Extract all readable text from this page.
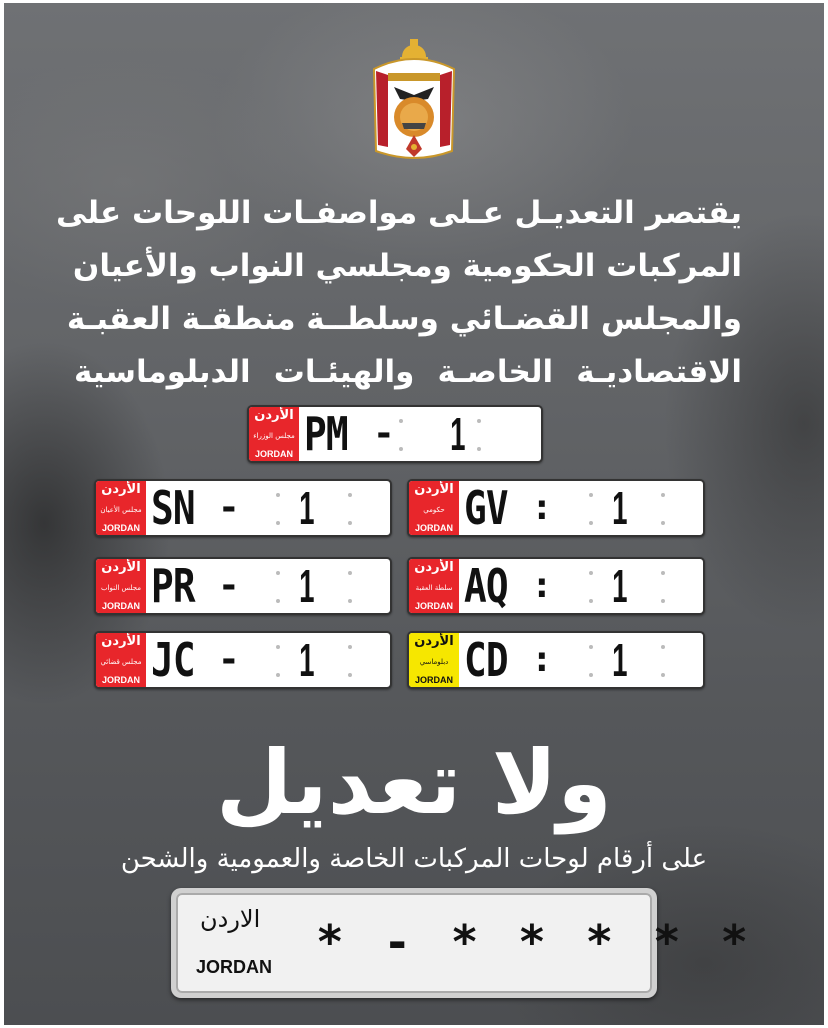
يقتصر التعديـل عـلى مواصفـات اللوحات على
المركبات الحكومية ومجلسي النواب والأعيان
والمجلس القضـائي وسلطــة منطقـة العقبـة
الاقتصاديـة الخاصـة والهيئـات الدبلوماسية
الأردن
مجلس الوزراء
JORDAN PM - 1
الأردن
مجلس الأعيان
JORDAN SN - 1	الأردن
حكومي
JORDAN GV : 1
الأردن
مجلس النواب
JORDAN PR - 1	الأردن
سلطة العقبة
JORDAN AQ : 1
الأردن
مجلس قضائي
JORDAN JC - 1	الأردن
دبلوماسي
JORDAN CD : 1
ولا تعديل
على أرقام لوحات المركبات الخاصة والعمومية والشحن
الاردن
JORDAN * - * * * * *
